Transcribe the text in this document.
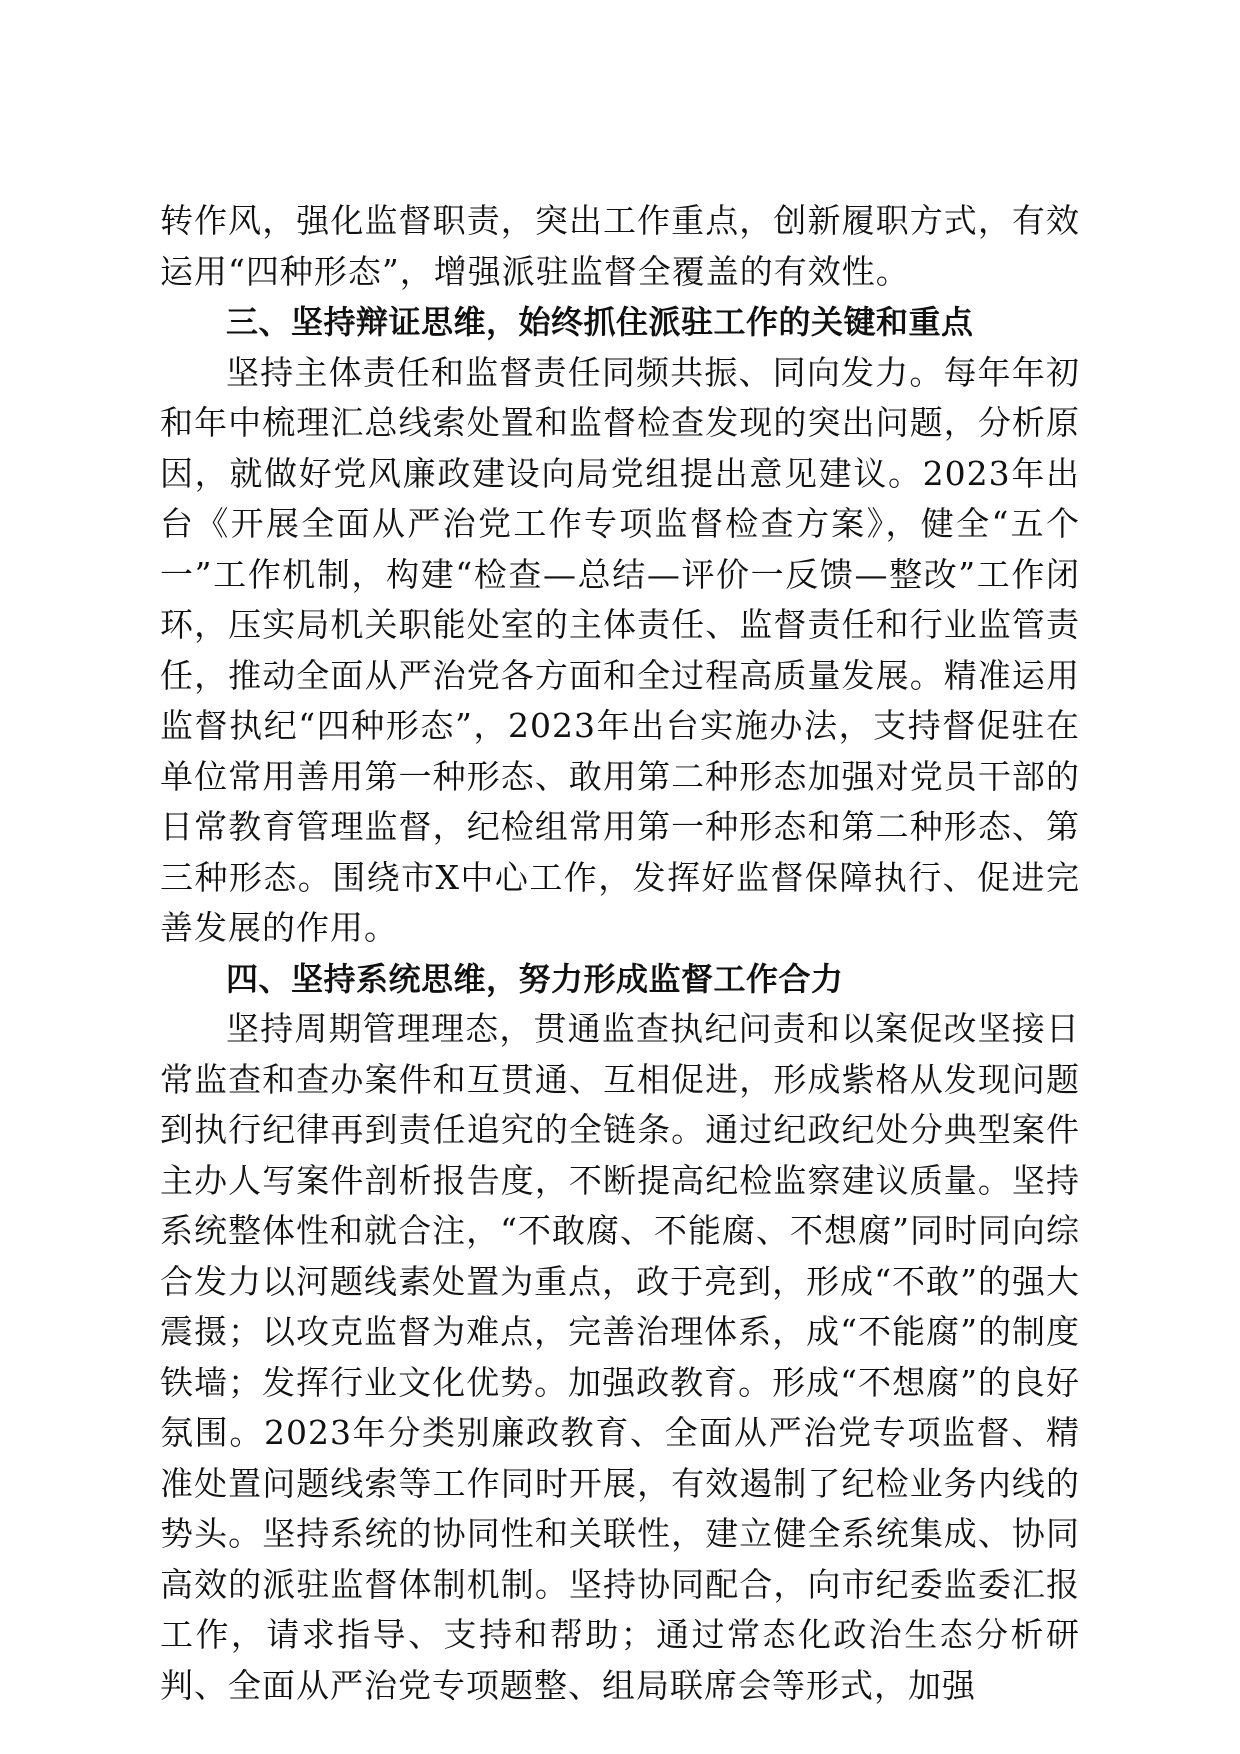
转作风，强化监督职责，突出工作重点，创新履职方式，有效运用“四种形态”，增强派驻监督全覆盖的有效性。

三、坚持辩证思维，始终抓住派驻工作的关键和重点

坚持主体责任和监督责任同频共振、同向发力。每年年初和年中梳理汇总线索处置和监督检查发现的突出问题，分析原因，就做好党风廉政建设向局党组提出意见建议。2023年出台《开展全面从严治党工作专项监督检查方案》，健全“五个一”工作机制，构建“检查—总结—评价一反馈—整改”工作闭环，压实局机关职能处室的主体责任、监督责任和行业监管责任，推动全面从严治党各方面和全过程高质量发展。精准运用监督执纪“四种形态”，2023年出台实施办法，支持督促驻在单位常用善用第一种形态、敢用第二种形态加强对党员干部的日常教育管理监督，纪检组常用第一种形态和第二种形态、第三种形态。围绕市X中心工作，发挥好监督保障执行、促进完善发展的作用。

四、坚持系统思维，努力形成监督工作合力

坚持周期管理理态，贯通监查执纪问责和以案促改坚接日常监查和查办案件和互贯通、互相促进，形成紫格从发现问题到执行纪律再到责任追究的全链条。通过纪政纪处分典型案件主办人写案件剖析报告度，不断提高纪检监察建议质量。坚持系统整体性和就合注，“不敢腐、不能腐、不想腐”同时同向综合发力以河题线素处置为重点，政于亮到，形成“不敢”的强大震摄；以攻克监督为难点，完善治理体系，成“不能腐”的制度铁墙；发挥行业文化优势。加强政教育。形成“不想腐”的良好氛围。2023年分类别廉政教育、全面从严治党专项监督、精准处置问题线索等工作同时开展，有效遏制了纪检业务内线的势头。坚持系统的协同性和关联性，建立健全系统集成、协同高效的派驻监督体制机制。坚持协同配合，向市纪委监委汇报工作，请求指导、支持和帮助；通过常态化政治生态分析研判、全面从严治党专项题整、组局联席会等形式，加强
